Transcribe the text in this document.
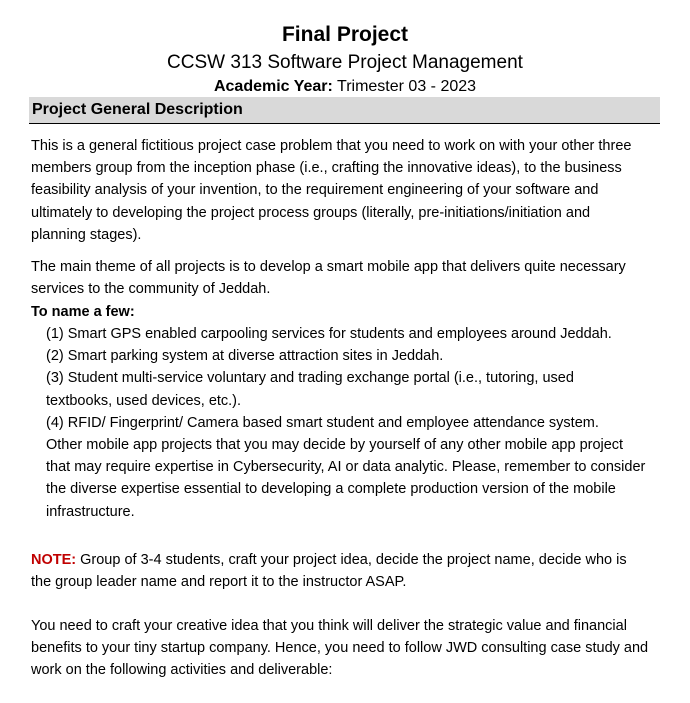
Final Project
CCSW 313 Software Project Management
Academic Year: Trimester 03 - 2023
Project General Description
This is a general fictitious project case problem that you need to work on with your other three
members group from the inception phase (i.e., crafting the innovative ideas), to the business
feasibility analysis of your invention, to the requirement engineering of your software and
ultimately to developing the project process groups (literally, pre-initiations/initiation and
planning stages).
The main theme of all projects is to develop a smart mobile app that delivers quite necessary
services to the community of Jeddah.
To name a few:
(1) Smart GPS enabled carpooling services for students and employees around Jeddah.
(2) Smart parking system at diverse attraction sites in Jeddah.
(3) Student multi-service voluntary and trading exchange portal (i.e., tutoring, used
textbooks, used devices, etc.).
(4) RFID/ Fingerprint/ Camera based smart student and employee attendance system.
Other mobile app projects that you may decide by yourself of any other mobile app project
that may require expertise in Cybersecurity, AI or data analytic. Please, remember to consider
the diverse expertise essential to developing a complete production version of the mobile
infrastructure.
NOTE: Group of 3-4 students, craft your project idea, decide the project name, decide who is
the group leader name and report it to the instructor ASAP.
You need to craft your creative idea that you think will deliver the strategic value and financial
benefits to your tiny startup company. Hence, you need to follow JWD consulting case study and
work on the following activities and deliverable:
